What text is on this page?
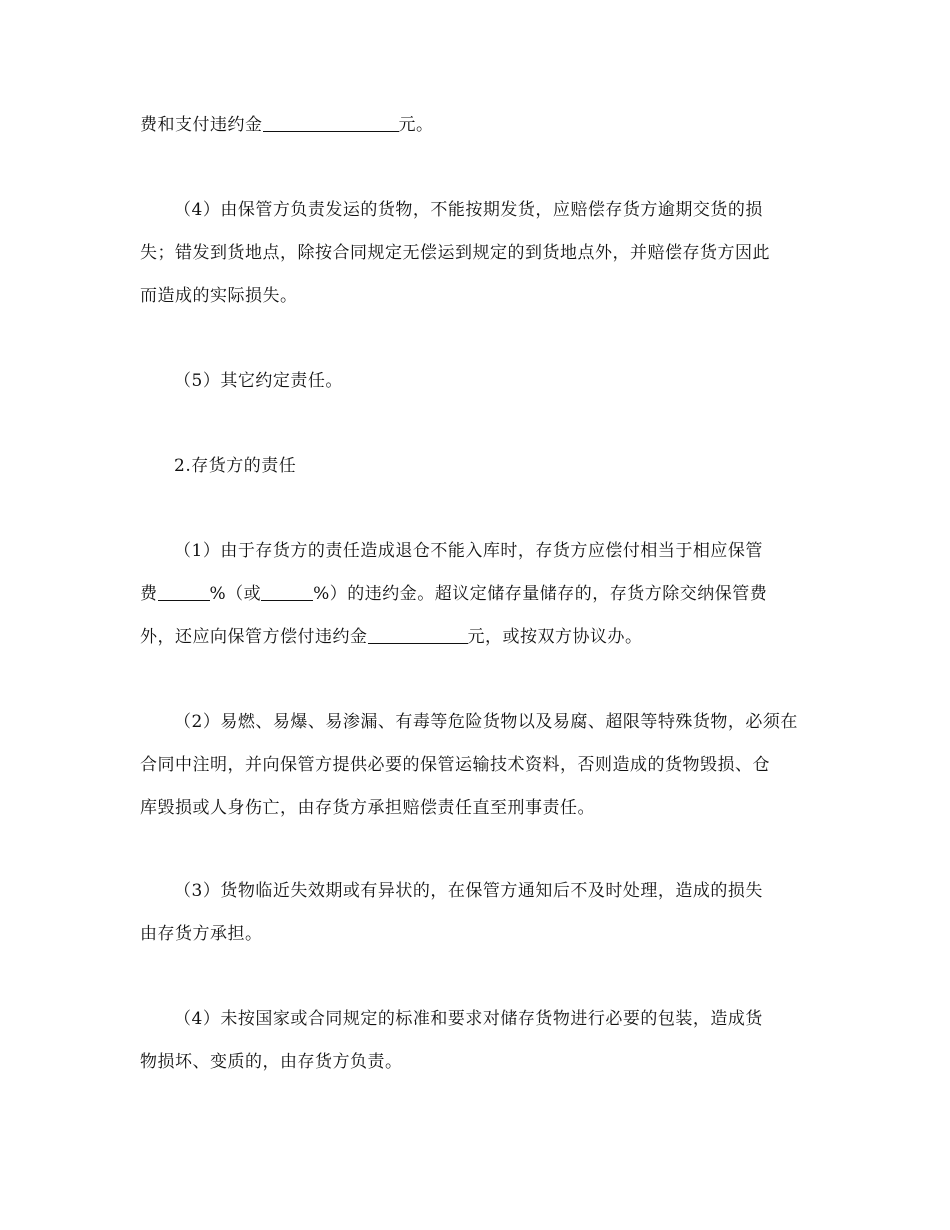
费和支付违约金	元。
（4）由保管方负责发运的货物，不能按期发货，应赔偿存货方逾期交货的损
失；错发到货地点，除按合同规定无偿运到规定的到货地点外，并赔偿存货方因此
而造成的实际损失。
（5）其它约定责任。
2.存货方的责任
（1）由于存货方的责任造成退仓不能入库时，存货方应偿付相当于相应保管
费	%（或	%）的违约金。超议定储存量储存的，存货方除交纳保管费
外，还应向保管方偿付违约金	元，或按双方协议办。
（2）易燃、易爆、易渗漏、有毒等危险货物以及易腐、超限等特殊货物，必须在
合同中注明，并向保管方提供必要的保管运输技术资料，否则造成的货物毁损、仓
库毁损或人身伤亡，由存货方承担赔偿责任直至刑事责任。
（3）货物临近失效期或有异状的，在保管方通知后不及时处理，造成的损失
由存货方承担。
（4）未按国家或合同规定的标准和要求对储存货物进行必要的包装，造成货
物损坏、变质的，由存货方负责。
